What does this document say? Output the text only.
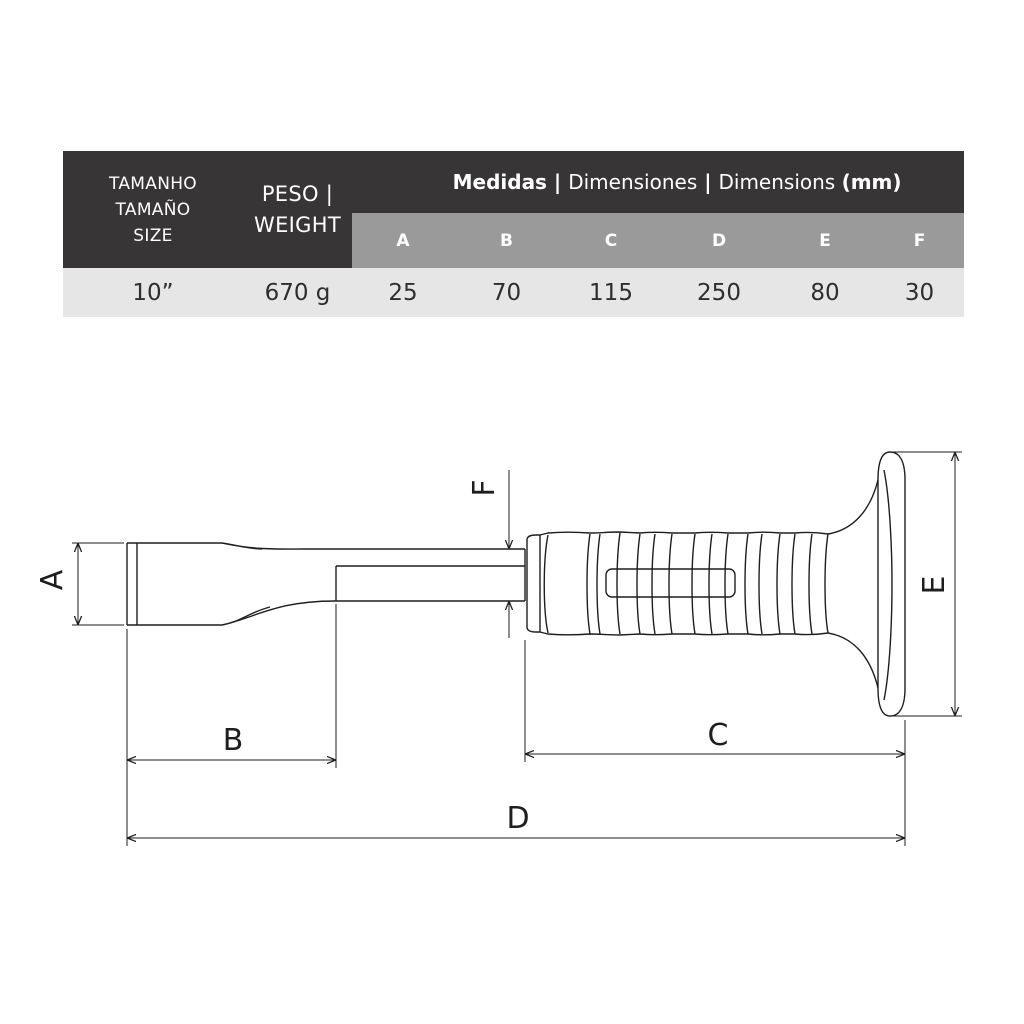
TAMANHO
TAMAÑO
SIZE
PESO |
WEIGHT

Medidas | Dimensiones | Dimensions (mm)

A	B	C	D	E	F
10”	670 g	25	70	115	250	80	30
A
F
B	C
D
E
